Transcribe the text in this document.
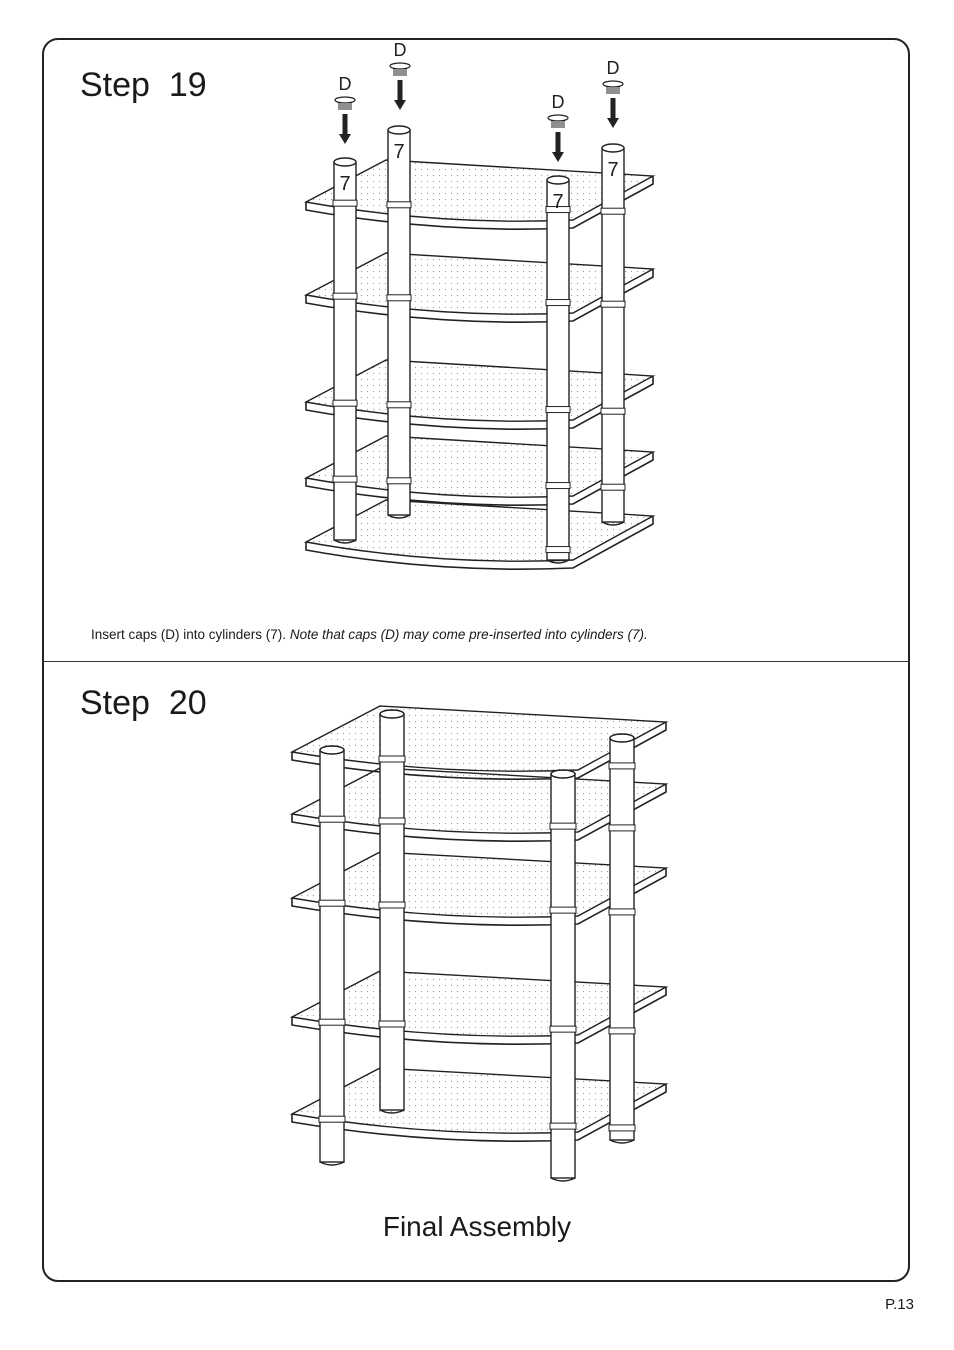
Step  19
Step  20
Insert caps (D) into cylinders (7). Note that caps (D) may come pre-inserted into cylinders (7).
Final Assembly
P.13
7
7
7
7
D
D
D
D
